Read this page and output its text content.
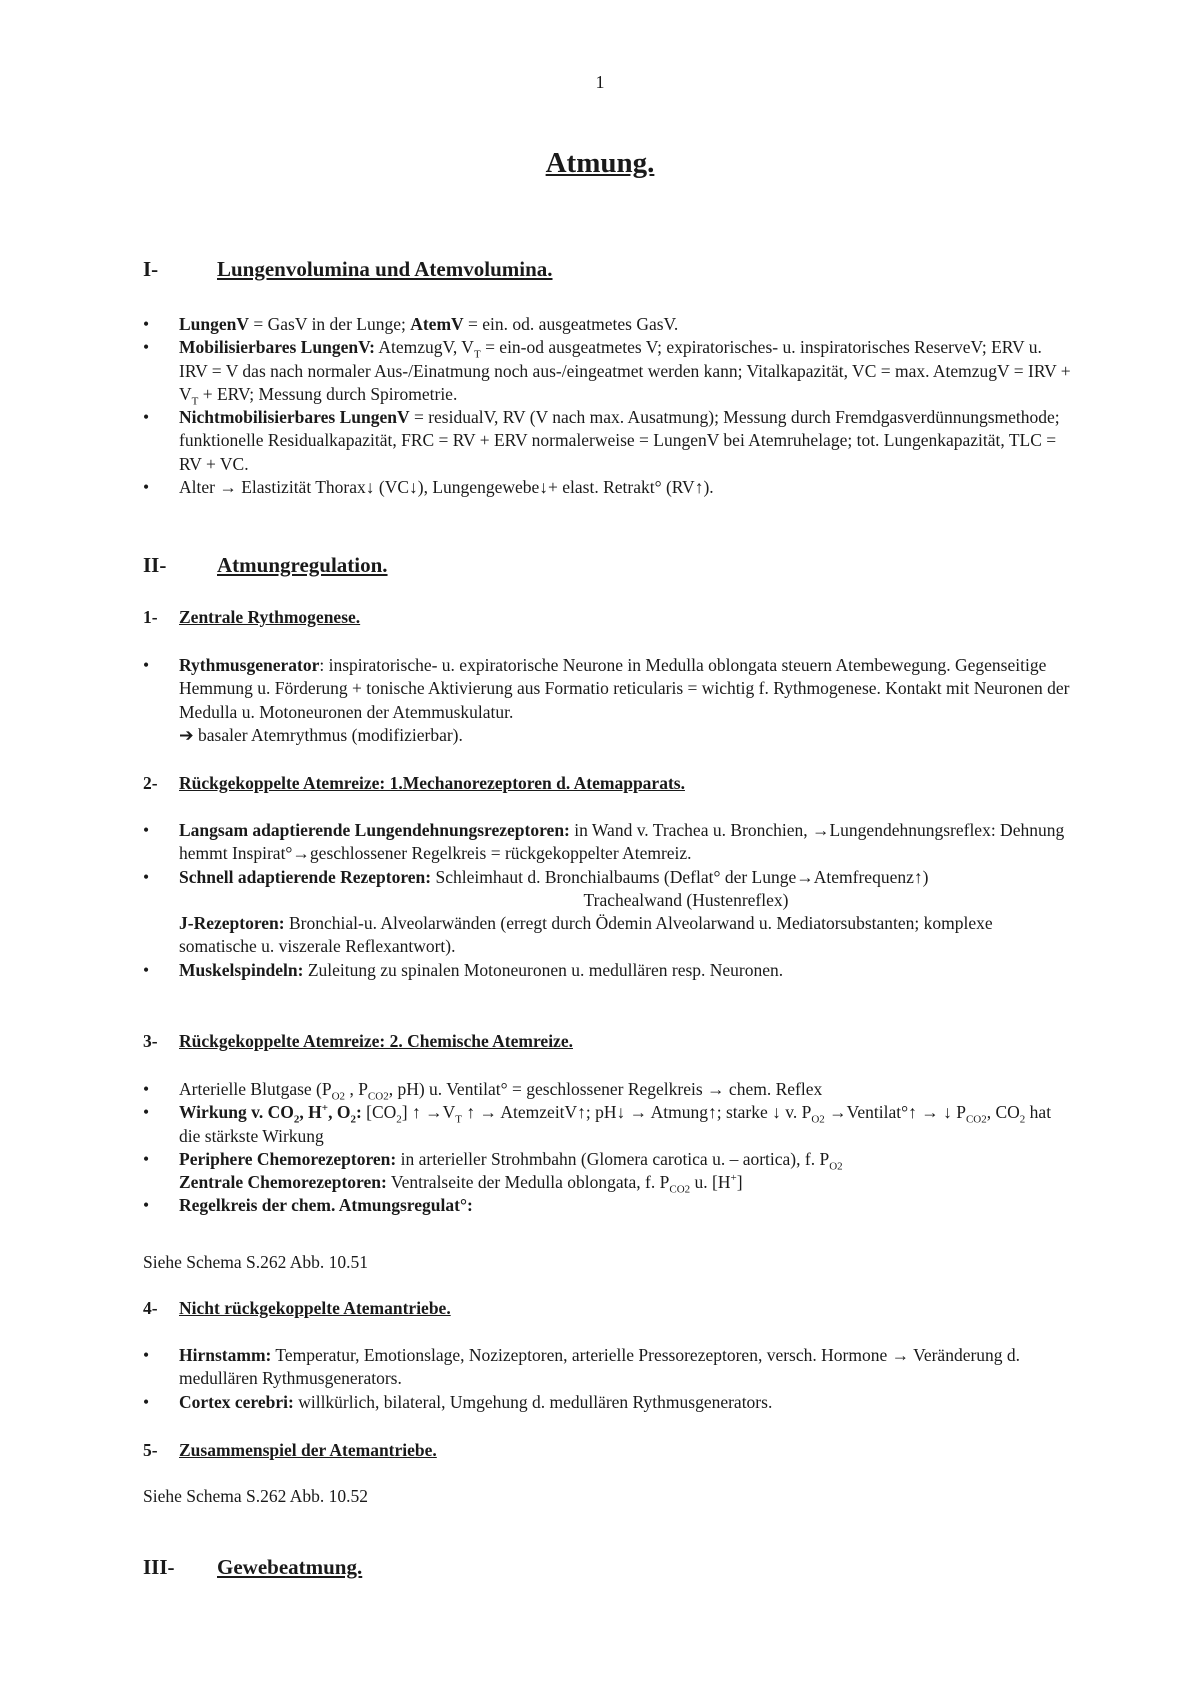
1
Atmung.
I-	Lungenvolumina und Atemvolumina.
• LungenV = GasV in der Lunge; AtemV = ein. od. ausgeatmetes GasV.
• Mobilisierbares LungenV: AtemzugV, $V_T = ein-od$ ausgeatmetes V; expiratorisches- u. inspiratorisches ReserveV; ERV u. IRV = V das nach normaler Aus-/Einatmung noch aus-/eingeatmet werden kann; Vitalkapazität, VC = max. AtemzugV = IRV + $V_T$ + ERV; Messung durch Spirometrie.
• Nichtmobilisierbares LungenV = residualV, RV (V nach max. Ausatmung); Messung durch Fremdgasverdünnungsmethode; funktionelle Residualkapazität, FRC = RV + ERV normalerweise = LungenV bei Atemruhelage; tot. Lungenkapazität, TLC = RV + VC.
• Alter → Elastizität Thorax↓ (VC↓), Lungengewebe↓+ elast. Retrakt° (RV↑).
II- Atmungregulation.
1- Zentrale Rythmogenese.
• Rythmusgenerator: inspiratorische- u. expiratorische Neurone in Medulla oblongata steuern Atembewegung. Gegenseitige Hemmung u. Förderung + tonische Aktivierung aus Formatio reticularis = wichtig f. Rythmogenese. Kontakt mit Neuronen der Medulla u. Motoneuronen der Atemmuskulatur.
➔ basaler Atemrythmus (modifizierbar).
2- Rückgekoppelte Atemreize: 1.Mechanorezeptoren d. Atemapparats.
• Langsam adaptierende Lungendehnungsrezeptoren: in Wand v. Trachea u. Bronchien, →Lungendehnungsreflex: Dehnung hemmt Inspirat°→geschlossener Regelkreis = rückgekoppelter Atemreiz.
• Schnell adaptierende Rezeptoren: Schleimhaut d. Bronchialbaums (Deflat° der Lunge→Atemfrequenz↑)
Trachealwand (Hustenreflex)
J-Rezeptoren: Bronchial-u. Alveolarwänden (erregt durch Ödemin Alveolarwand u. Mediatorsubstanten; komplexe somatische u. viszerale Reflexantwort).
• Muskelspindeln: Zuleitung zu spinalen Motoneuronen u. medullären resp. Neuronen.
3- Rückgekoppelte Atemreize: 2. Chemische Atemreize.
• Arterielle Blutgase ($P_{O2}$ , $P_{CO2}$, pH) u. Ventilat° = geschlossener Regelkreis → chem. Reflex
• Wirkung v. $CO_2$, H+, $O_2$: $[CO_2]$ ↑ $\to V_T$ ↑ → AtemzeitV↑; pH↓ → Atmung↑; starke ↓ v. $P_{O2}$ →Ventilat°↑ → ↓ $P_{CO2}$, $CO_2$ hat die stärkste Wirkung
• Periphere Chemorezeptoren: in arterieller Strohmbahn (Glomera carotica u. – aortica), f. $P_{O2}$
Zentrale Chemorezeptoren: Ventralseite der Medulla oblongata, f. $P_{CO2}$ u. [H+]
• Regelkreis der chem. Atmungsregulat°:
Siehe Schema S.262 Abb. 10.51
4- Nicht rückgekoppelte Atemantriebe.
• Hirnstamm: Temperatur, Emotionslage, Nozizeptoren, arterielle Pressorezeptoren, versch. Hormone → Veränderung d. medullären Rythmusgenerators.
• Cortex cerebri: willkürlich, bilateral, Umgehung d. medullären Rythmusgenerators.
5- Zusammenspiel der Atemantriebe.
Siehe Schema S.262 Abb. 10.52
III- Gewebeatmung.
